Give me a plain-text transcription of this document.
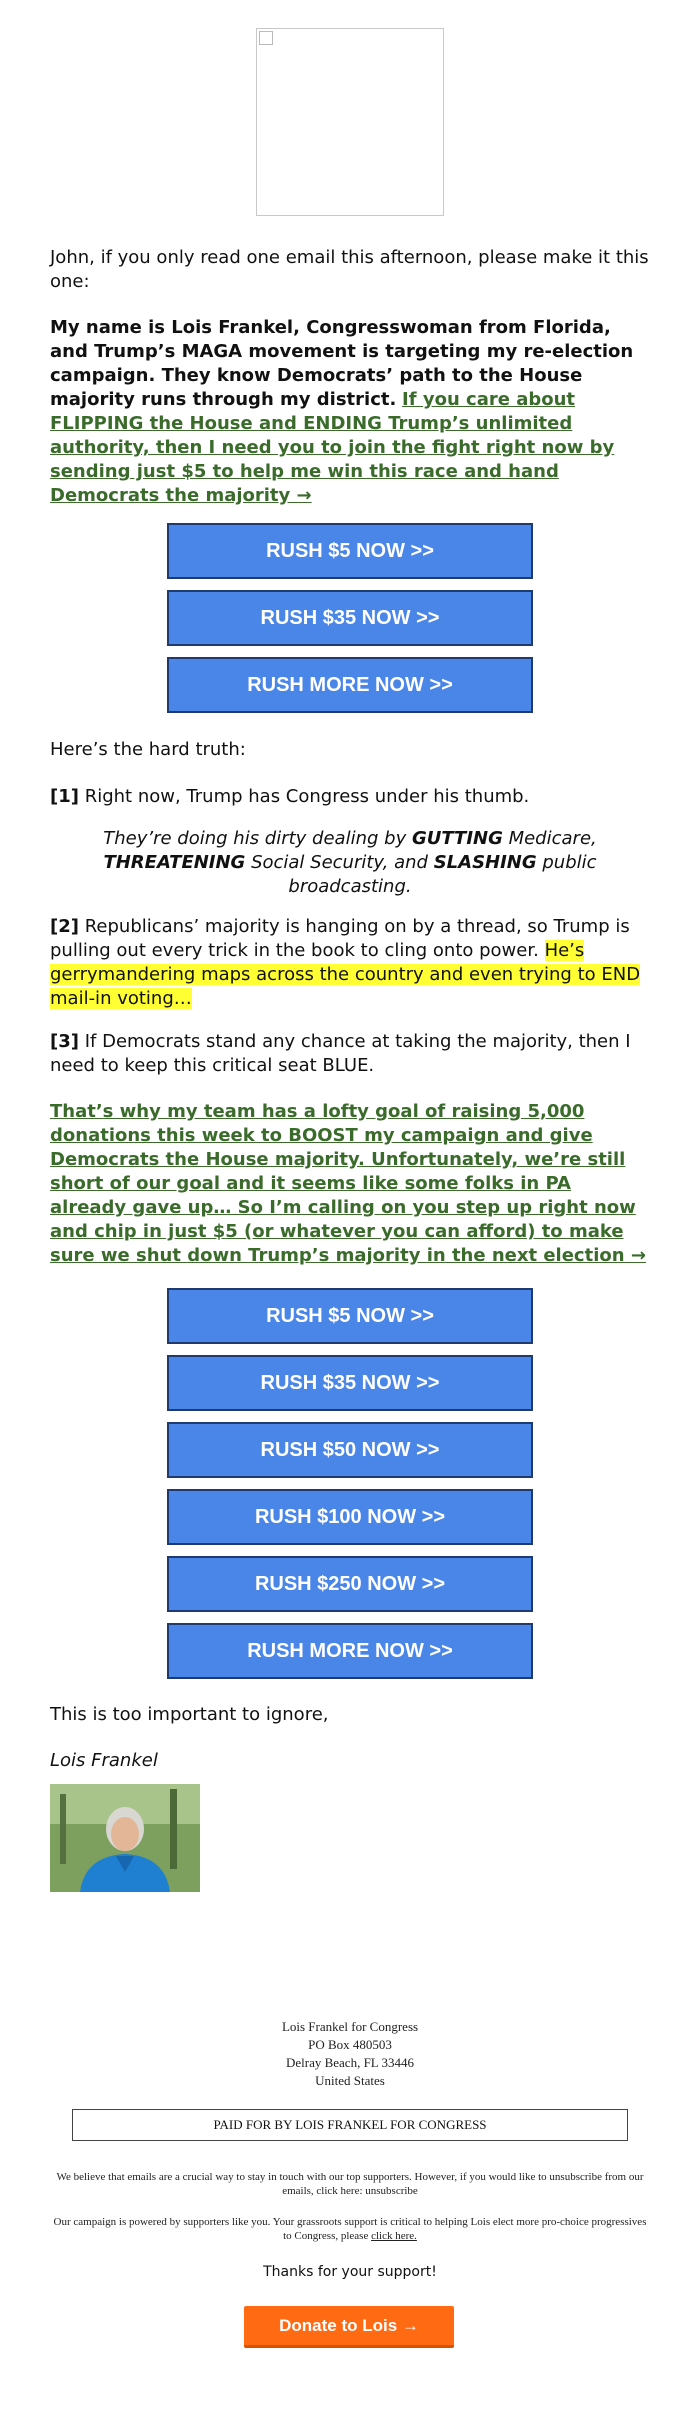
John, if you only read one email this afternoon, please make it this one:

My name is Lois Frankel, Congresswoman from Florida, and Trump’s MAGA movement is targeting my re-election campaign. They know Democrats’ path to the House majority runs through my district. If you care about FLIPPING the House and ENDING Trump’s unlimited authority, then I need you to join the fight right now by sending just $5 to help me win this race and hand Democrats the majority →

RUSH $5 NOW >>
RUSH $35 NOW >>
RUSH MORE NOW >>

Here’s the hard truth:

[1] Right now, Trump has Congress under his thumb.

They’re doing his dirty dealing by GUTTING Medicare, THREATENING Social Security, and SLASHING public broadcasting.

[2] Republicans’ majority is hanging on by a thread, so Trump is pulling out every trick in the book to cling onto power. He’s gerrymandering maps across the country and even trying to END mail-in voting…

[3] If Democrats stand any chance at taking the majority, then I need to keep this critical seat BLUE.

That’s why my team has a lofty goal of raising 5,000 donations this week to BOOST my campaign and give Democrats the House majority. Unfortunately, we’re still short of our goal and it seems like some folks in PA already gave up… So I’m calling on you step up right now and chip in just $5 (or whatever you can afford) to make sure we shut down Trump’s majority in the next election →

RUSH $5 NOW >>
RUSH $35 NOW >>
RUSH $50 NOW >>
RUSH $100 NOW >>
RUSH $250 NOW >>
RUSH MORE NOW >>

This is too important to ignore,

Lois Frankel
Lois Frankel for Congress
PO Box 480503
Delray Beach, FL 33446
United States
PAID FOR BY LOIS FRANKEL FOR CONGRESS
We believe that emails are a crucial way to stay in touch with our top supporters. However, if you would like to unsubscribe from our emails, click here: unsubscribe
Our campaign is powered by supporters like you. Your grassroots support is critical to helping Lois elect more pro-choice progressives to Congress, please click here.
Thanks for your support!
Donate to Lois →
